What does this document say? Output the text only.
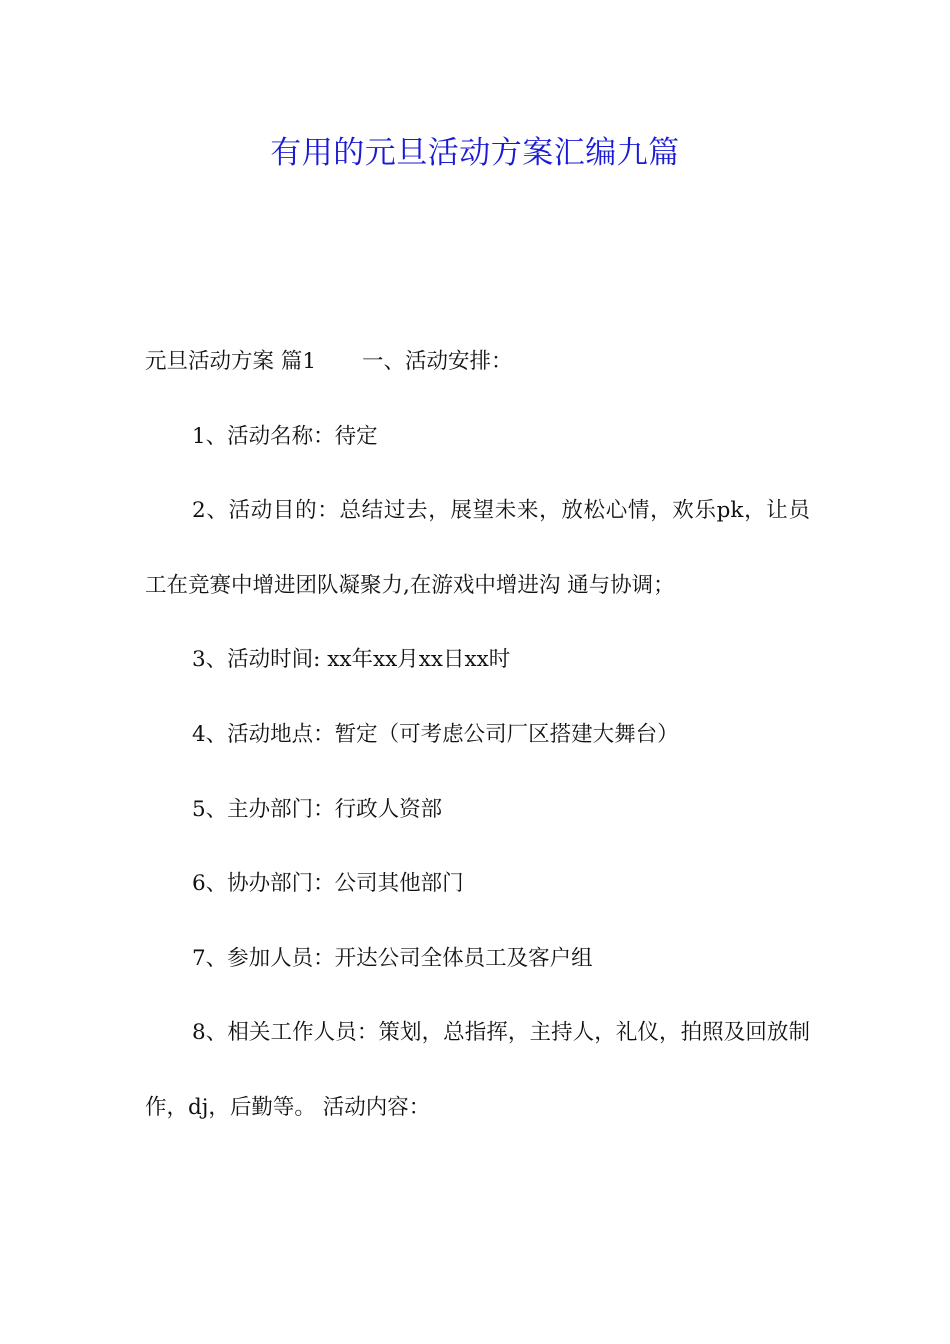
有用的元旦活动方案汇编九篇

元旦活动方案 篇1 一、活动安排：

1、活动名称：待定

2、活动目的：总结过去，展望未来，放松心情，欢乐pk，让员工在竞赛中增进团队凝聚力,在游戏中增进沟 通与协调；

3、活动时间: xx年xx月xx日xx时

4、活动地点：暂定（可考虑公司厂区搭建大舞台）

5、主办部门：行政人资部

6、协办部门：公司其他部门

7、参加人员：开达公司全体员工及客户组

8、相关工作人员：策划，总指挥，主持人，礼仪，拍照及回放制作，dj，后勤等。 活动内容：
